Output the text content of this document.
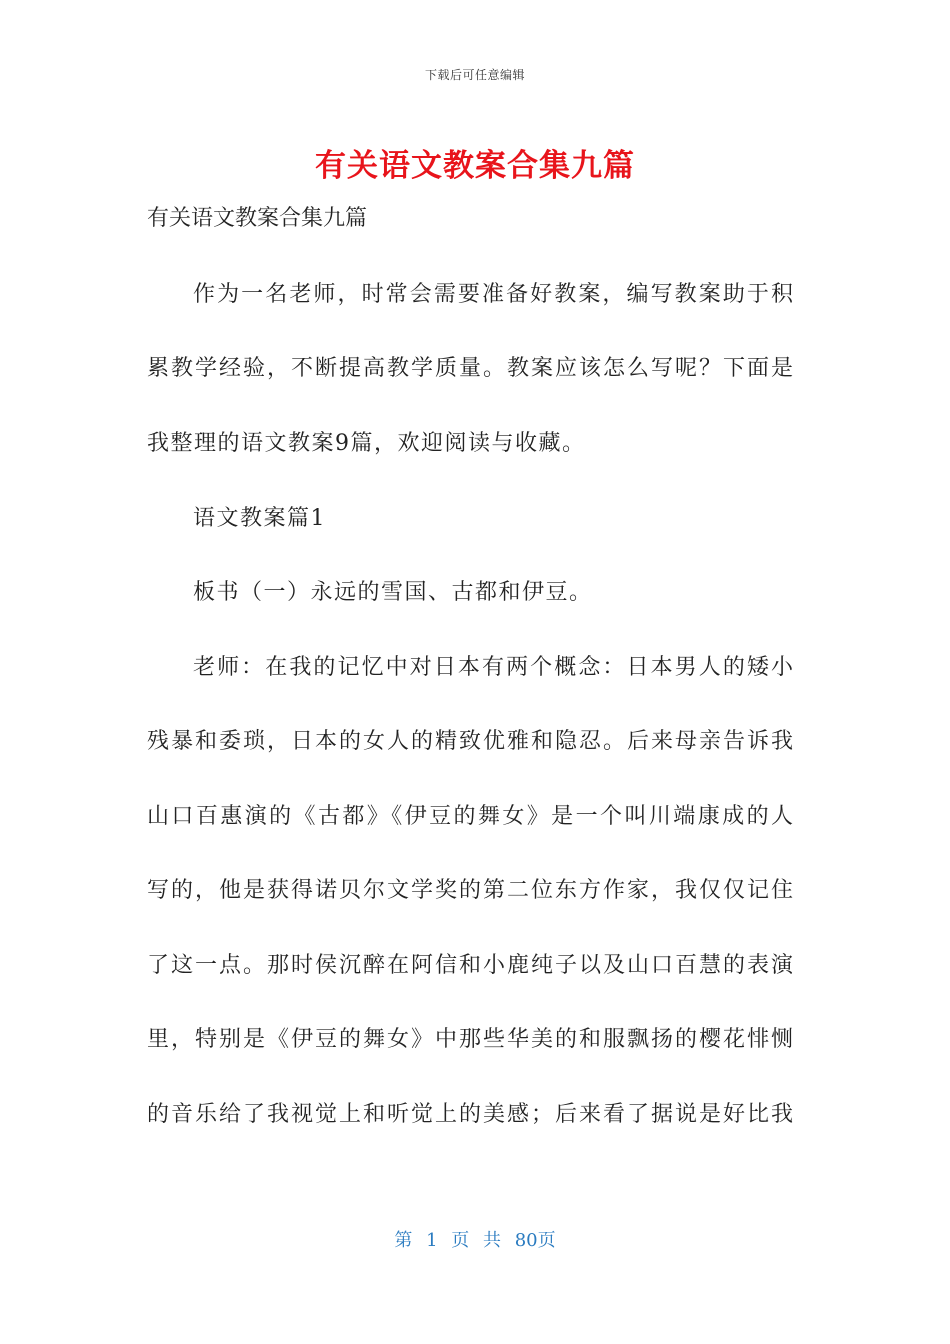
下载后可任意编辑
有关语文教案合集九篇
有关语文教案合集九篇
作为一名老师，时常会需要准备好教案，编写教案助于积
累教学经验，不断提高教学质量。教案应该怎么写呢？下面是
我整理的语文教案9篇，欢迎阅读与收藏。
语文教案篇1
板书（一）永远的雪国、古都和伊豆。
老师：在我的记忆中对日本有两个概念：日本男人的矮小
残暴和委琐，日本的女人的精致优雅和隐忍。后来母亲告诉我
山口百惠演的《古都》《伊豆的舞女》是一个叫川端康成的人
写的，他是获得诺贝尔文学奖的第二位东方作家，我仅仅记住
了这一点。那时侯沉醉在阿信和小鹿纯子以及山口百慧的表演
里，特别是《伊豆的舞女》中那些华美的和服飘扬的樱花悱恻
的音乐给了我视觉上和听觉上的美感；后来看了据说是好比我
第 1 页 共 80页
